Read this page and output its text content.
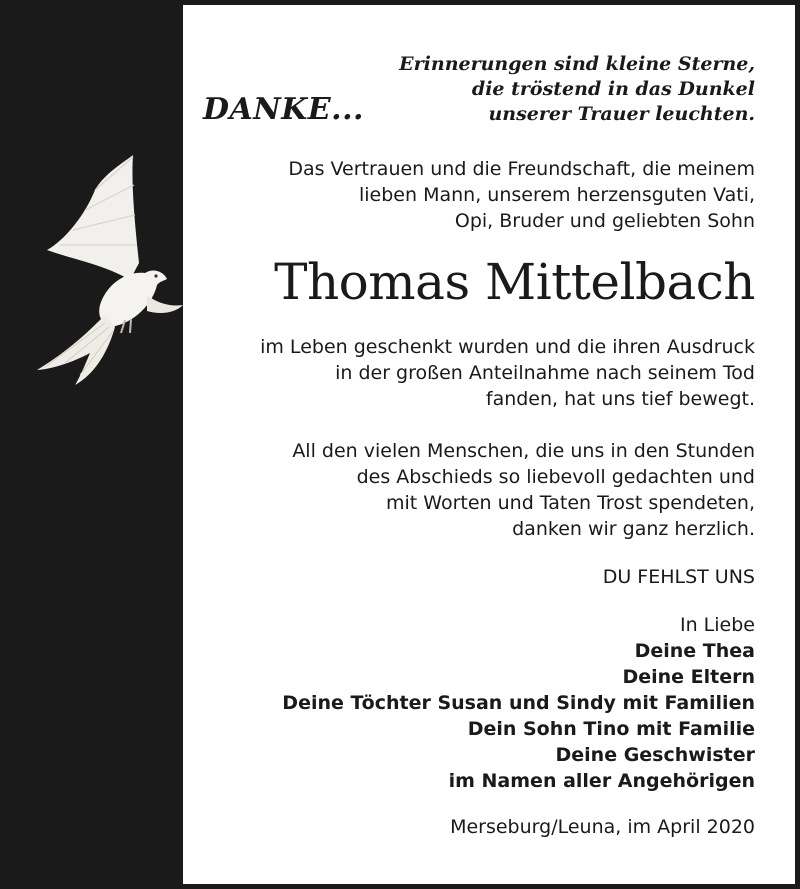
DANKE...
Erinnerungen sind kleine Sterne,
die tröstend in das Dunkel
unserer Trauer leuchten.

Das Vertrauen und die Freundschaft, die meinem
lieben Mann, unserem herzensguten Vati,
Opi, Bruder und geliebten Sohn

Thomas Mittelbach

im Leben geschenkt wurden und die ihren Ausdruck
in der großen Anteilnahme nach seinem Tod
fanden, hat uns tief bewegt.

All den vielen Menschen, die uns in den Stunden
des Abschieds so liebevoll gedachten und
mit Worten und Taten Trost spendeten,
danken wir ganz herzlich.

DU FEHLST UNS

In Liebe
Deine Thea
Deine Eltern
Deine Töchter Susan und Sindy mit Familien
Dein Sohn Tino mit Familie
Deine Geschwister
im Namen aller Angehörigen

Merseburg/Leuna, im April 2020
